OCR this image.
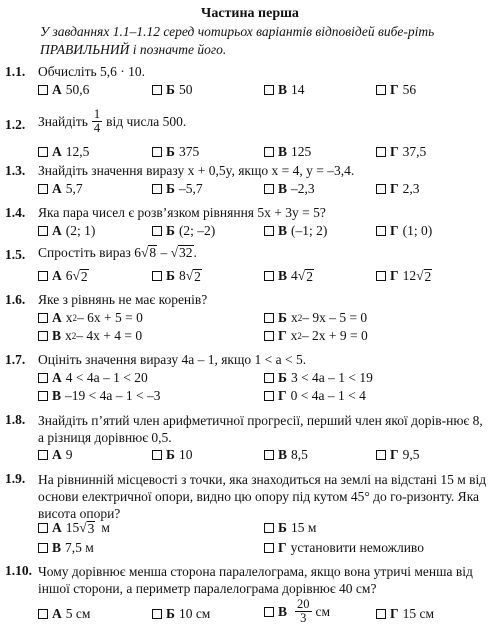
Частина перша
У завданнях 1.1–1.12 серед чотирьох варіантів відповідей вибе-рiть ПРАВИЛЬНИЙ і позначте його.
1.1. Обчисліть 5,6 · 10.
А 50,6	Б 50	В 14	Г 56
1.2. Знайдіть $\frac{1}{4}$ від числа 500.
А 12,5	Б 375	В 125	Г 37,5
1.3. Знайдіть значення виразу x + 0,5y, якщо x = 4, y = –3,4.
А 5,7	Б –5,7	В –2,3	Г 2,3
1.4. Яка пара чисел є розв’язком рівняння 5x + 3y = 5?
А (2; 1)	Б (2; –2)	В (–1; 2)	Г (1; 0)
1.5. Спростіть вираз 6√8 – √32.
А 6 √ 2	Б 8 √ 2	В 4 √ 2	Г 12 √ 2
1.6. Яке з рівнянь не має коренів?
А x 2 – 6x + 5 = 0	Б x 2 – 9x – 5 = 0
В x 2 – 4x + 4 = 0	Г x 2 – 2x + 9 = 0
1.7. Оцініть значення виразу 4a – 1, якщо 1 < a < 5.
А 4 < 4a – 1 < 20	Б 3 < 4a – 1 < 19
В –19 < 4a – 1 < –3	Г 0 < 4a – 1 < 4
1.8. Знайдіть п’ятий член арифметичної прогресії, перший член якої дорів-нює 8, а різниця дорівнює 0,5.
А 9	Б 10	В 8,5	Г 9,5
1.9. На рівнинній місцевості з точки, яка знаходиться на землі на відстані 15 м від основи електричної опори, видно цю опору під кутом 45° до го-ризонту. Яка висота опори?
А 15 √ 3 м	Б 15 м
В 7,5 м	Г установити неможливо
1.10. Чому дорівнює менша сторона паралелограма, якщо вона утричі менша від іншої сторони, а периметр паралелограма дорівнює 40 см?
А 5 см	Б 10 см	В $\frac{20}{3}$ см	Г 15 см
